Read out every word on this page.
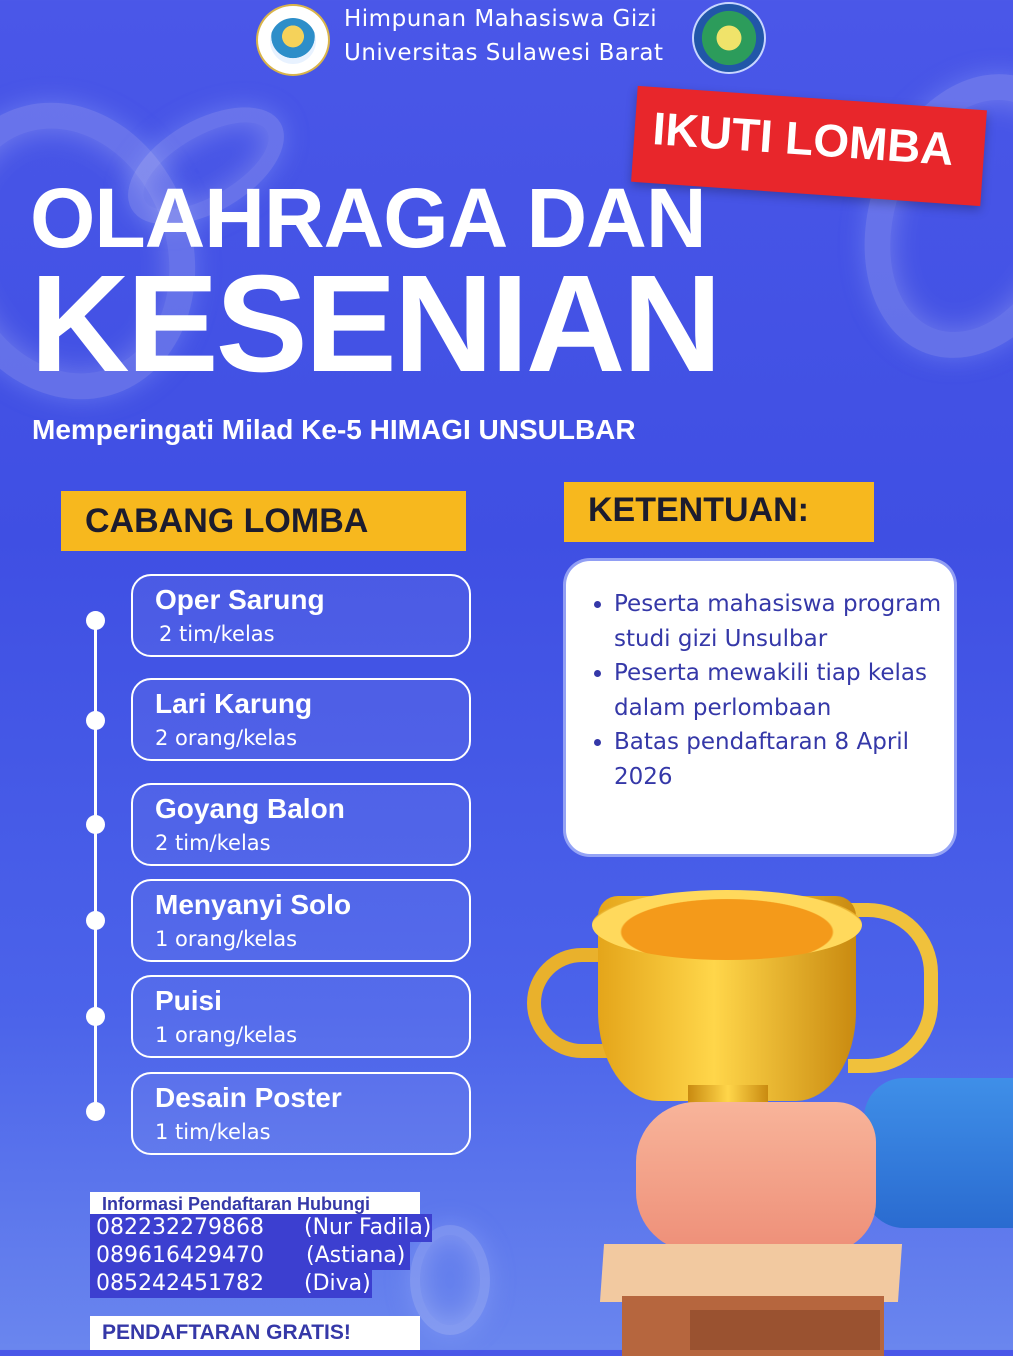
Himpunan Mahasiswa Gizi
Universitas Sulawesi Barat
IKUTI LOMBA
OLAHRAGA DAN
KESENIAN
Memperingati Milad Ke-5 HIMAGI UNSULBAR
CABANG LOMBA	KETENTUAN:
Oper Sarung
2 tim/kelas
Lari Karung
2 orang/kelas
Goyang Balon
2 tim/kelas
Menyanyi Solo
1 orang/kelas
Puisi
1 orang/kelas
Desain Poster
1 tim/kelas
Peserta mahasiswa program studi gizi Unsulbar
Peserta mewakili tiap kelas dalam perlombaan
Batas pendaftaran 8 April 2026
Informasi Pendaftaran Hubungi
082232279868 (Nur Fadila)
089616429470 (Astiana)
085242451782 (Diva)
PENDAFTARAN GRATIS!
